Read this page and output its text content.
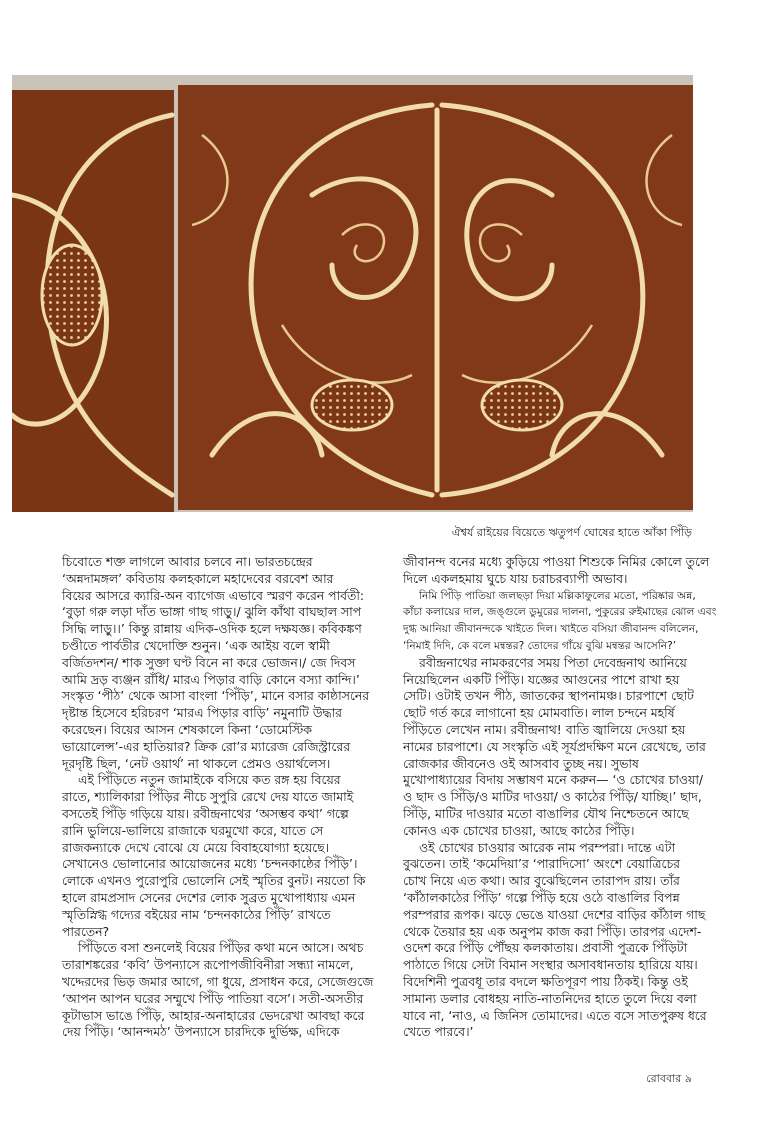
ঐশ্বর্য রাইয়ের বিয়েতে ঋতুপর্ণ ঘোষের হাতে আঁকা পিঁড়ি
চিবোতে শক্ত লাগলে আবার চলবে না। ভারতচন্দ্রের
‘অন্নদামঙ্গল’ কবিতায় কলহকালে মহাদেবের বরবেশ আর
বিয়ের আসরে ক্যারি-অন ব্যাগেজ এভাবে স্মরণ করেন পার্বতী:
‘বুড়া গরু লড়া দাঁত ভাঙ্গা গাছ গাড়ু।/ ঝুলি কাঁথা বাঘছাল সাপ
সিদ্ধি লাড়ু।।’ কিন্তু রান্নায় এদিক-ওদিক হলে দক্ষযজ্ঞ। কবিকঙ্কণ
চণ্ডীতে পার্বতীর খেদোক্তি শুনুন। ‘এক আইয় বলে স্বামী
বর্জিতদশন/ শাক সুক্তা ঘণ্ট বিনে না করে ভোজন।/ জে দিবস
আমি দ্রড় ব্যঞ্জন রাঁধি/ মারএ পিড়ার বাড়ি কোনে বস্যা কান্দি।’
সংস্কৃত ‘পীঠ’ থেকে আসা বাংলা ‘পিঁড়ি’, মানে বসার কাষ্ঠাসনের
দৃষ্টান্ত হিসেবে হরিচরণ ‘মারএ পিড়ার বাড়ি’ নমুনাটি উদ্ধার
করেছেন। বিয়ের আসন শেষকালে কিনা ‘ডোমেস্টিক
ভায়োলেন্স’-এর হাতিয়ার? ক্রিক রো’র ম্যারেজ রেজিস্ট্রারের
দূরদৃষ্টি ছিল, ‘নেট ওয়ার্থ’ না থাকলে প্রেমও ওয়ার্থলেস।
এই পিঁড়িতে নতুন জামাইকে বসিয়ে কত রঙ্গ হয় বিয়ের
রাতে, শ্যালিকারা পিঁড়ির নীচে সুপুরি রেখে দেয় যাতে জামাই
বসতেই পিঁড়ি গড়িয়ে যায়। রবীন্দ্রনাথের ‘অসম্ভব কথা’ গল্পে
রানি ভুলিয়ে-ভালিয়ে রাজাকে ঘরমুখো করে, যাতে সে
রাজকন্যাকে দেখে বোঝে যে মেয়ে বিবাহযোগ্যা হয়েছে।
সেখানেও ভোলানোর আয়োজনের মধ্যে ‘চন্দনকাষ্ঠের পিঁড়ি’।
লোকে এখনও পুরোপুরি ভোলেনি সেই স্মৃতির বুনট। নয়তো কি
হালে রামপ্রসাদ সেনের দেশের লোক সুব্রত মুখোপাধ্যায় এমন
স্মৃতিস্নিগ্ধ গদ্যের বইয়ের নাম ‘চন্দনকাঠের পিঁড়ি’ রাখতে
পারতেন?
পিঁড়িতে বসা শুনলেই বিয়ের পিঁড়ির কথা মনে আসে। অথচ
তারাশঙ্করের ‘কবি’ উপন্যাসে রূপোপজীবিনীরা সন্ধ্যা নামলে,
খদ্দেরদের ভিড় জমার আগে, গা ধুয়ে, প্রসাধন করে, সেজেগুজে
‘আপন আপন ঘরের সম্মুখে পিঁড়ি পাতিয়া বসে’। সতী-অসতীর
কূটাভাস ভাঙে পিঁড়ি, আহার-অনাহারের ভেদরেখা আবছা করে
দেয় পিঁড়ি। ‘আনন্দমঠ’ উপন্যাসে চারদিকে দুর্ভিক্ষ, এদিকে
জীবানন্দ বনের মধ্যে কুড়িয়ে পাওয়া শিশুকে নিমির কোলে তুলে
দিলে একলহমায় ঘুচে যায় চরাচরব্যাপী অভাব।
নিমি পিঁড়ি পাতিয়া জলছড়া দিয়া মল্লিকাফুলের মতো, পরিষ্কার অন্ন,
কাঁচা কলায়ের দাল, জঙ্গুলে ডুমুরের দালনা, পুকুরের রুইমাছের ঝোল এবং
দুগ্ধ আনিয়া জীবানন্দকে খাইতে দিল। খাইতে বসিয়া জীবানন্দ বলিলেন,
‘নিমাই দিদি, কে বলে মন্বন্তর? তোদের গাঁয়ে বুঝি মন্বন্তর আসেনি?’
রবীন্দ্রনাথের নামকরণের সময় পিতা দেবেন্দ্রনাথ আনিয়ে
নিয়েছিলেন একটি পিঁড়ি। যজ্ঞের আগুনের পাশে রাখা হয়
সেটি। ওটাই তখন পীঠ, জাতকের স্থাপনামঞ্চ। চারপাশে ছোট
ছোট গর্ত করে লাগানো হয় মোমবাতি। লাল চন্দনে মহর্ষি
পিঁড়িতে লেখেন নাম। রবীন্দ্রনাথ! বাতি জ্বালিয়ে দেওয়া হয়
নামের চারপাশে। যে সংস্কৃতি এই সূর্যপ্রদক্ষিণ মনে রেখেছে, তার
রোজকার জীবনেও ওই আসবাব তুচ্ছ নয়। সুভাষ
মুখোপাধ্যায়ের বিদায় সম্ভাষণ মনে করুন— ‘ও চোখের চাওয়া/
ও ছাদ ও সিঁড়ি/ও মাটির দাওয়া/ ও কাঠের পিঁড়ি/ যাচ্ছি।’ ছাদ,
সিঁড়ি, মাটির দাওয়ার মতো বাঙালির যৌথ নিশ্চেতনে আছে
কোনও এক চোখের চাওয়া, আছে কাঠের পিঁড়ি।
ওই চোখের চাওয়ার আরেক নাম পরম্পরা। দান্তে এটা
বুঝতেন। তাই ‘কমেদিয়া’র ‘পারাদিসো’ অংশে বেয়াত্রিচের
চোখ নিয়ে এত কথা। আর বুঝেছিলেন তারাপদ রায়। তাঁর
‘কাঁঠালকাঠের পিঁড়ি’ গল্পে পিঁড়ি হয়ে ওঠে বাঙালির বিপন্ন
পরম্পরার রূপক। ঝড়ে ভেঙে যাওয়া দেশের বাড়ির কাঁঠাল গাছ
থেকে তৈয়ার হয় এক অনুপম কাজ করা পিঁড়ি। তারপর এদেশ-
ওদেশ করে পিঁড়ি পৌঁছয় কলকাতায়। প্রবাসী পুত্রকে পিঁড়িটা
পাঠাতে গিয়ে সেটা বিমান সংস্থার অসাবধানতায় হারিয়ে যায়।
বিদেশিনী পুত্রবধূ তার বদলে ক্ষতিপূরণ পায় ঠিকই। কিন্তু ওই
সামান্য ডলার বোধহয় নাতি-নাতনিদের হাতে তুলে দিয়ে বলা
যাবে না, ‘নাও, এ জিনিস তোমাদের। এতে বসে সাতপুরুষ ধরে
খেতে পারবে।’
রোববার ৯
